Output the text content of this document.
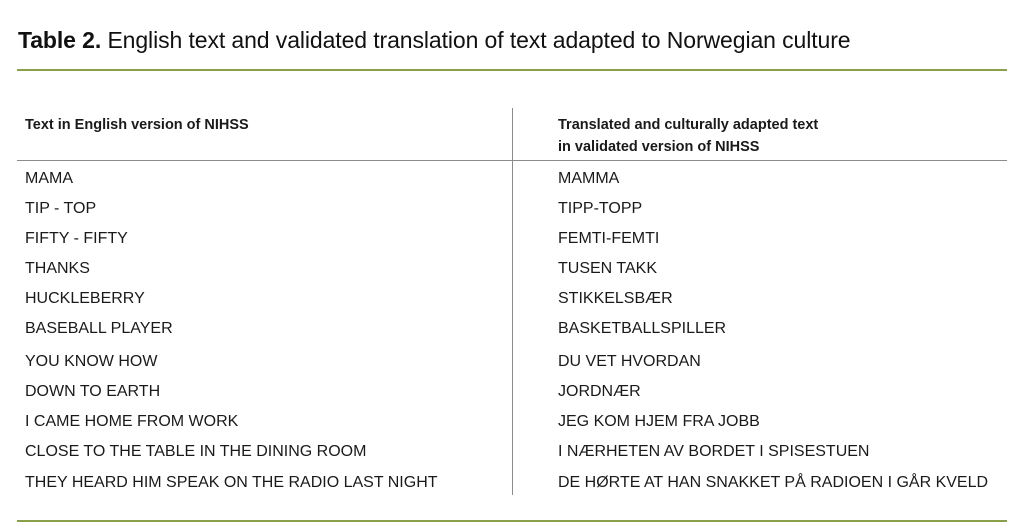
Table 2. English text and validated translation of text adapted to Norwegian culture
Text in English version of NIHSS	Translated and culturally adapted text
in validated version of NIHSS
MAMA	MAMMA
TIP - TOP	TIPP-TOPP
FIFTY - FIFTY	FEMTI-FEMTI
THANKS	TUSEN TAKK
HUCKLEBERRY	STIKKELSBÆR
BASEBALL PLAYER	BASKETBALLSPILLER
YOU KNOW HOW	DU VET HVORDAN
DOWN TO EARTH	JORDNÆR
I CAME HOME FROM WORK	JEG KOM HJEM FRA JOBB
CLOSE TO THE TABLE IN THE DINING ROOM	I NÆRHETEN AV BORDET I SPISESTUEN
THEY HEARD HIM SPEAK ON THE RADIO LAST NIGHT	DE HØRTE AT HAN SNAKKET PÅ RADIOEN I GÅR KVELD
